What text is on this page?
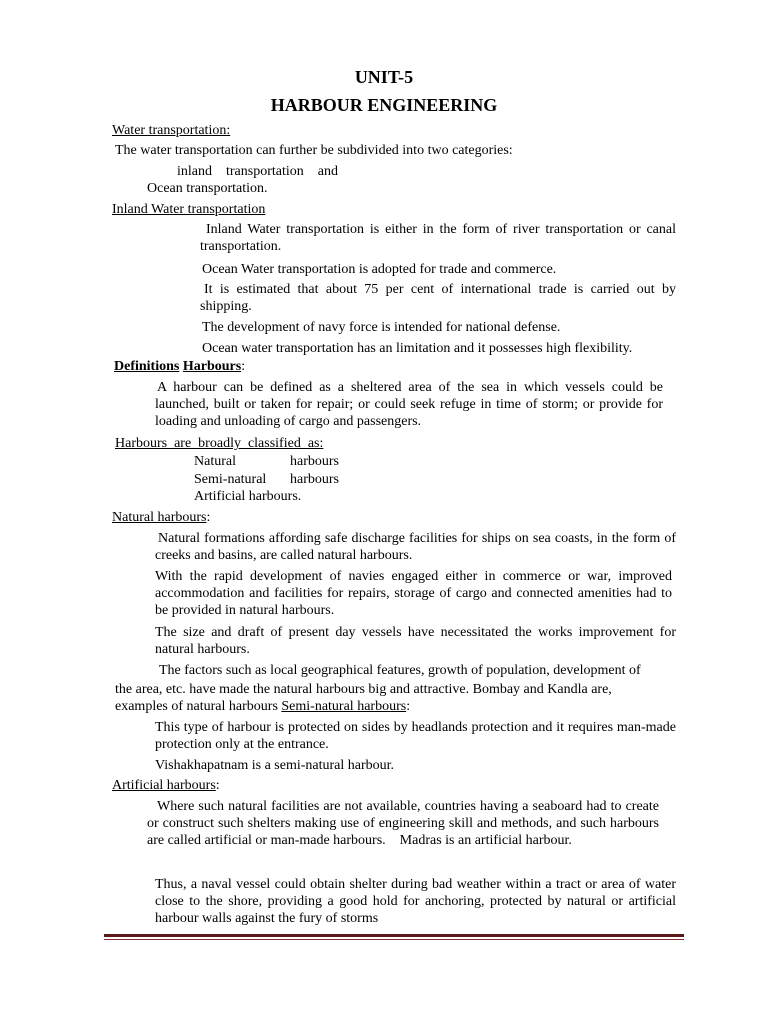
UNIT-5
HARBOUR ENGINEERING
Water transportation:
The water transportation can further be subdivided into two categories:
inland    transportation    and
Ocean transportation.
Inland Water transportation
Inland Water transportation is either in the form of river transportation or canal transportation.
Ocean Water transportation is adopted for trade and commerce.
It is estimated that about 75 per cent of international trade is carried out by shipping.
The development of navy force is intended for national defense.
Ocean water transportation has an limitation and it possesses high flexibility.
Definitions Harbours:
A harbour can be defined as a sheltered area of the sea in which vessels could be launched, built or taken for repair; or could seek refuge in time of storm; or provide for loading and unloading of cargo and passengers.
Harbours  are  broadly  classified  as:
Natural	harbours
Semi-natural harbours
Artificial harbours.
Natural harbours:
Natural formations affording safe discharge facilities for ships on sea coasts, in the form of creeks and basins, are called natural harbours.
With the rapid development of navies engaged either in commerce or war, improved accommodation and facilities for repairs, storage of cargo and connected amenities had to be provided in natural harbours.
The size and draft of present day vessels have necessitated the works improvement for natural harbours.
The factors such as local geographical features, growth of population, development of
the area, etc. have made the natural harbours big and attractive. Bombay and Kandla are,
examples of natural harbours Semi-natural harbours:
This type of harbour is protected on sides by headlands protection and it requires man-made protection only at the entrance.
Vishakhapatnam is a semi-natural harbour.
Artificial harbours:
Where such natural facilities are not available, countries having a seaboard had to create or construct such shelters making use of engineering skill and methods, and such harbours are called artificial or man-made harbours.    Madras is an artificial harbour.
Thus, a naval vessel could obtain shelter during bad weather within a tract or area of water close to the shore, providing a good hold for anchoring, protected by natural or artificial harbour walls against the fury of storms
